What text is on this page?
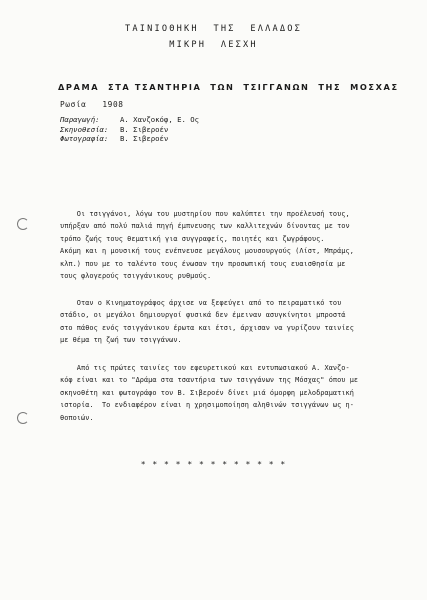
ΤΑΙΝΙΟΘΗΚΗ  ΤΗΣ  ΕΛΛΑΔΟΣ
ΜΙΚΡΗ  ΛΕΣΧΗ
ΔΡΑΜΑ  ΣΤΑ ΤΣΑΝΤΗΡΙΑ  ΤΩΝ  ΤΣΙΓΓΑΝΩΝ  ΤΗΣ  ΜΟΣΧΑΣ
Ρωσία   1908
Παραγωγή:	Α. Χανζοκόφ, Ε. Ος
Σκηνοθεσία:	Β. Σιβεροέν
Φωτογραφία:	Β. Σιβεροέν
Οι τσιγγάνοι, λόγω του μυστηρίου που καλύπτει την προέλευσή τους,
υπήρξαν από πολύ παλιά πηγή έμπνευσης των καλλιτεχνών δίνοντας με τον
τρόπο ζωής τους θεματική για συγγραφείς, ποιητές και ζωγράφους.
Ακόμη και η μουσική τους ενέπνευσε μεγάλους μουσουργούς (Λίστ, Μπράμς,
κλπ.) που με το ταλέντο τους ένωσαν την προσωπική τους ευαισθησία με
τους φλογερούς τσιγγάνικους ρυθμούς.
Οταν ο Κινηματογράφος άρχισε να ξεφεύγει από το πειραματικό του
στάδιο, οι μεγάλοι δημιουργοί φυσικά δεν έμειναν ασυγκίνητοι μπροστά
στο πάθος ενός τσιγγάνικου έρωτα και έτσι, άρχισαν να γυρίζουν ταινίες
με θέμα τη ζωή των τσιγγάνων.
Από τις πρώτες ταινίες του εφευρετικού και εντυπωσιακού Α. Χανζο-
κόφ είναι και το "Δράμα στα τσαντήρια των τσιγγάνων της Μόσχας" όπου με
σκηνοθέτη και φωτογράφο τον Β. Σιβεροέν δίνει μιά όμορφη μελοδραματική
ιστορία.  Το ενδιαφέρον είναι η χρησιμοποίηση αληθινών τσιγγάνων ως η-
θοποιών.
* * * * * * * * * * * * *
